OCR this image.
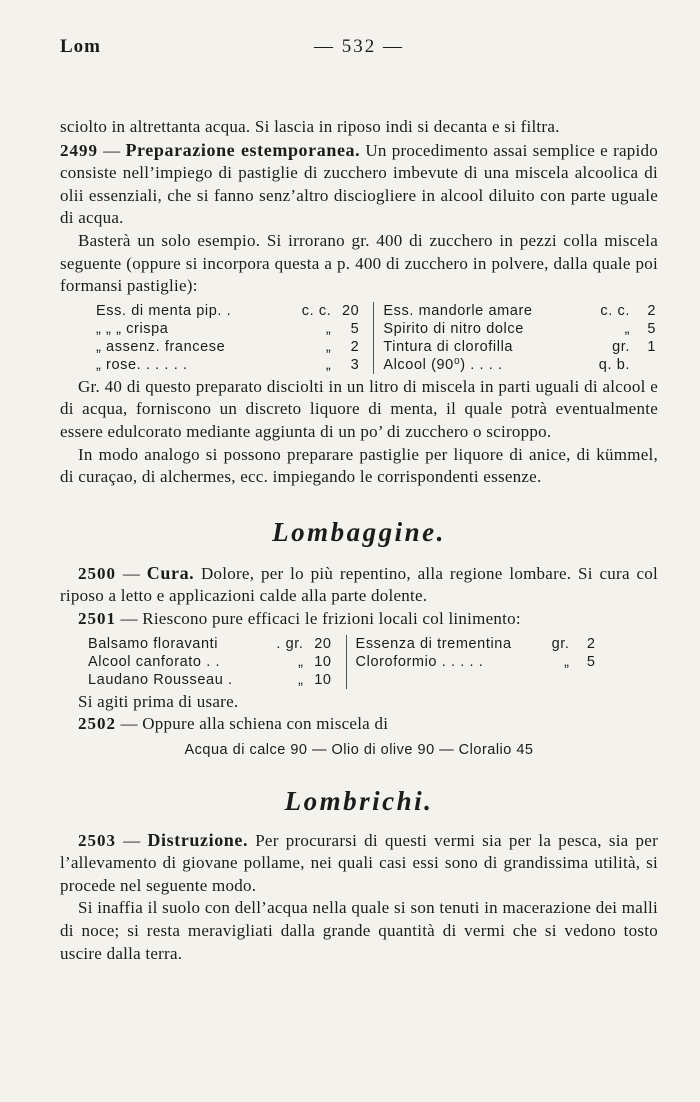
Lom	— 532 —

sciolto in altrettanta acqua. Si lascia in riposo indi si decanta e si filtra.

2499 — Preparazione estemporanea. Un procedimento assai semplice e rapido consiste nell’impiego di pastiglie di zucchero imbevute di una miscela alcoolica di olii essenziali, che si fanno senz’altro disciogliere in alcool diluito con parte uguale di acqua.

Basterà un solo esempio. Si irrorano gr. 400 di zucchero in pezzi colla miscela seguente (oppure si incorpora questa a p. 400 di zucchero in polvere, dalla quale poi formansi pastiglie):

Ess. di menta pip. .	c. c.	20		Ess. mandorle amare	c. c.	2
„ „ „ crispa	„	5		Spirito di nitro dolce	„	5
„ assenz. francese	„	2		Tintura di clorofilla	gr.	1
„ rose. . . . . .	„	3		Alcool (90⁰) . . . .	q. b.	

Gr. 40 di questo preparato disciolti in un litro di miscela in parti uguali di alcool e di acqua, forniscono un discreto liquore di menta, il quale potrà eventualmente essere edulcorato mediante aggiunta di un po’ di zucchero o sciroppo.

In modo analogo si possono preparare pastiglie per liquore di anice, di kümmel, di curaçao, di alchermes, ecc. impiegando le corrispondenti essenze.

Lombaggine.

2500 — Cura. Dolore, per lo più repentino, alla regione lombare. Si cura col riposo a letto e applicazioni calde alla parte dolente.

2501 — Riescono pure efficaci le frizioni locali col linimento:

Balsamo floravanti	. gr.	20		Essenza di trementina	gr.	2	
Alcool canforato . .	„	10		Cloroformio . . . . .	„	5	
Laudano Rousseau .	„	10					

Si agiti prima di usare.

2502 — Oppure alla schiena con miscela di

Acqua di calce 90 — Olio di olive 90 — Cloralio 45

Lombrichi.

2503 — Distruzione. Per procurarsi di questi vermi sia per la pesca, sia per l’allevamento di giovane pollame, nei quali casi essi sono di grandissima utilità, si procede nel seguente modo.

Si inaffia il suolo con dell’acqua nella quale si son tenuti in macerazione dei malli di noce; si resta meravigliati dalla grande quantità di vermi che si vedono tosto uscire dalla terra.
